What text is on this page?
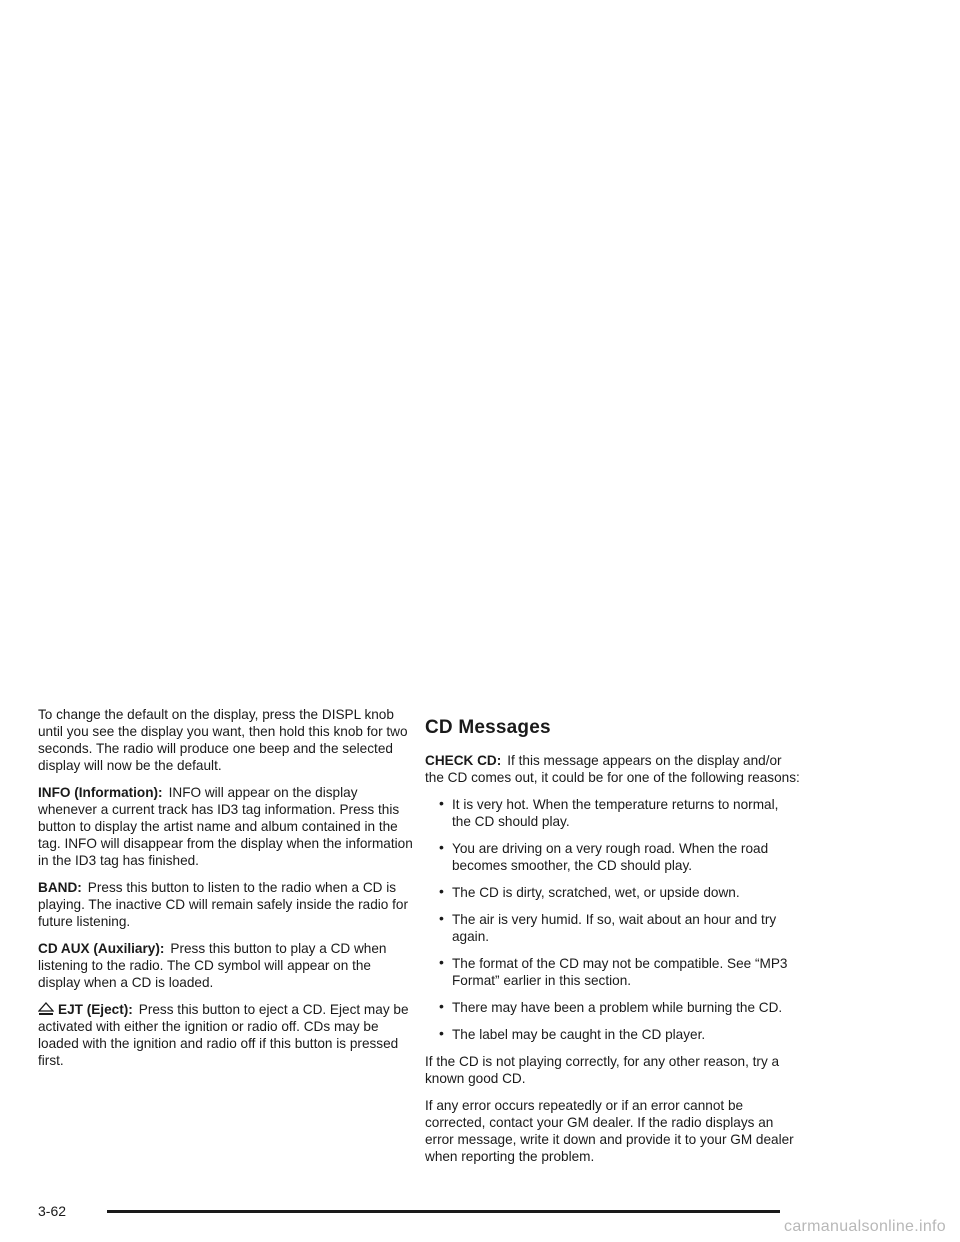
To change the default on the display, press the DISPL knob until you see the display you want, then hold this knob for two seconds. The radio will produce one beep and the selected display will now be the default.

INFO (Information): INFO will appear on the display whenever a current track has ID3 tag information. Press this button to display the artist name and album contained in the tag. INFO will disappear from the display when the information in the ID3 tag has finished.

BAND: Press this button to listen to the radio when a CD is playing. The inactive CD will remain safely inside the radio for future listening.

CD AUX (Auxiliary): Press this button to play a CD when listening to the radio. The CD symbol will appear on the display when a CD is loaded.

EJT (Eject): Press this button to eject a CD. Eject may be activated with either the ignition or radio off. CDs may be loaded with the ignition and radio off if this button is pressed first.

CD Messages

CHECK CD: If this message appears on the display and/or the CD comes out, it could be for one of the following reasons:

• It is very hot. When the temperature returns to normal, the CD should play.
• You are driving on a very rough road. When the road becomes smoother, the CD should play.
• The CD is dirty, scratched, wet, or upside down.
• The air is very humid. If so, wait about an hour and try again.
• The format of the CD may not be compatible. See “MP3 Format” earlier in this section.
• There may have been a problem while burning the CD.
• The label may be caught in the CD player.

If the CD is not playing correctly, for any other reason, try a known good CD.

If any error occurs repeatedly or if an error cannot be corrected, contact your GM dealer. If the radio displays an error message, write it down and provide it to your GM dealer when reporting the problem.

3-62
carmanualsonline.info
